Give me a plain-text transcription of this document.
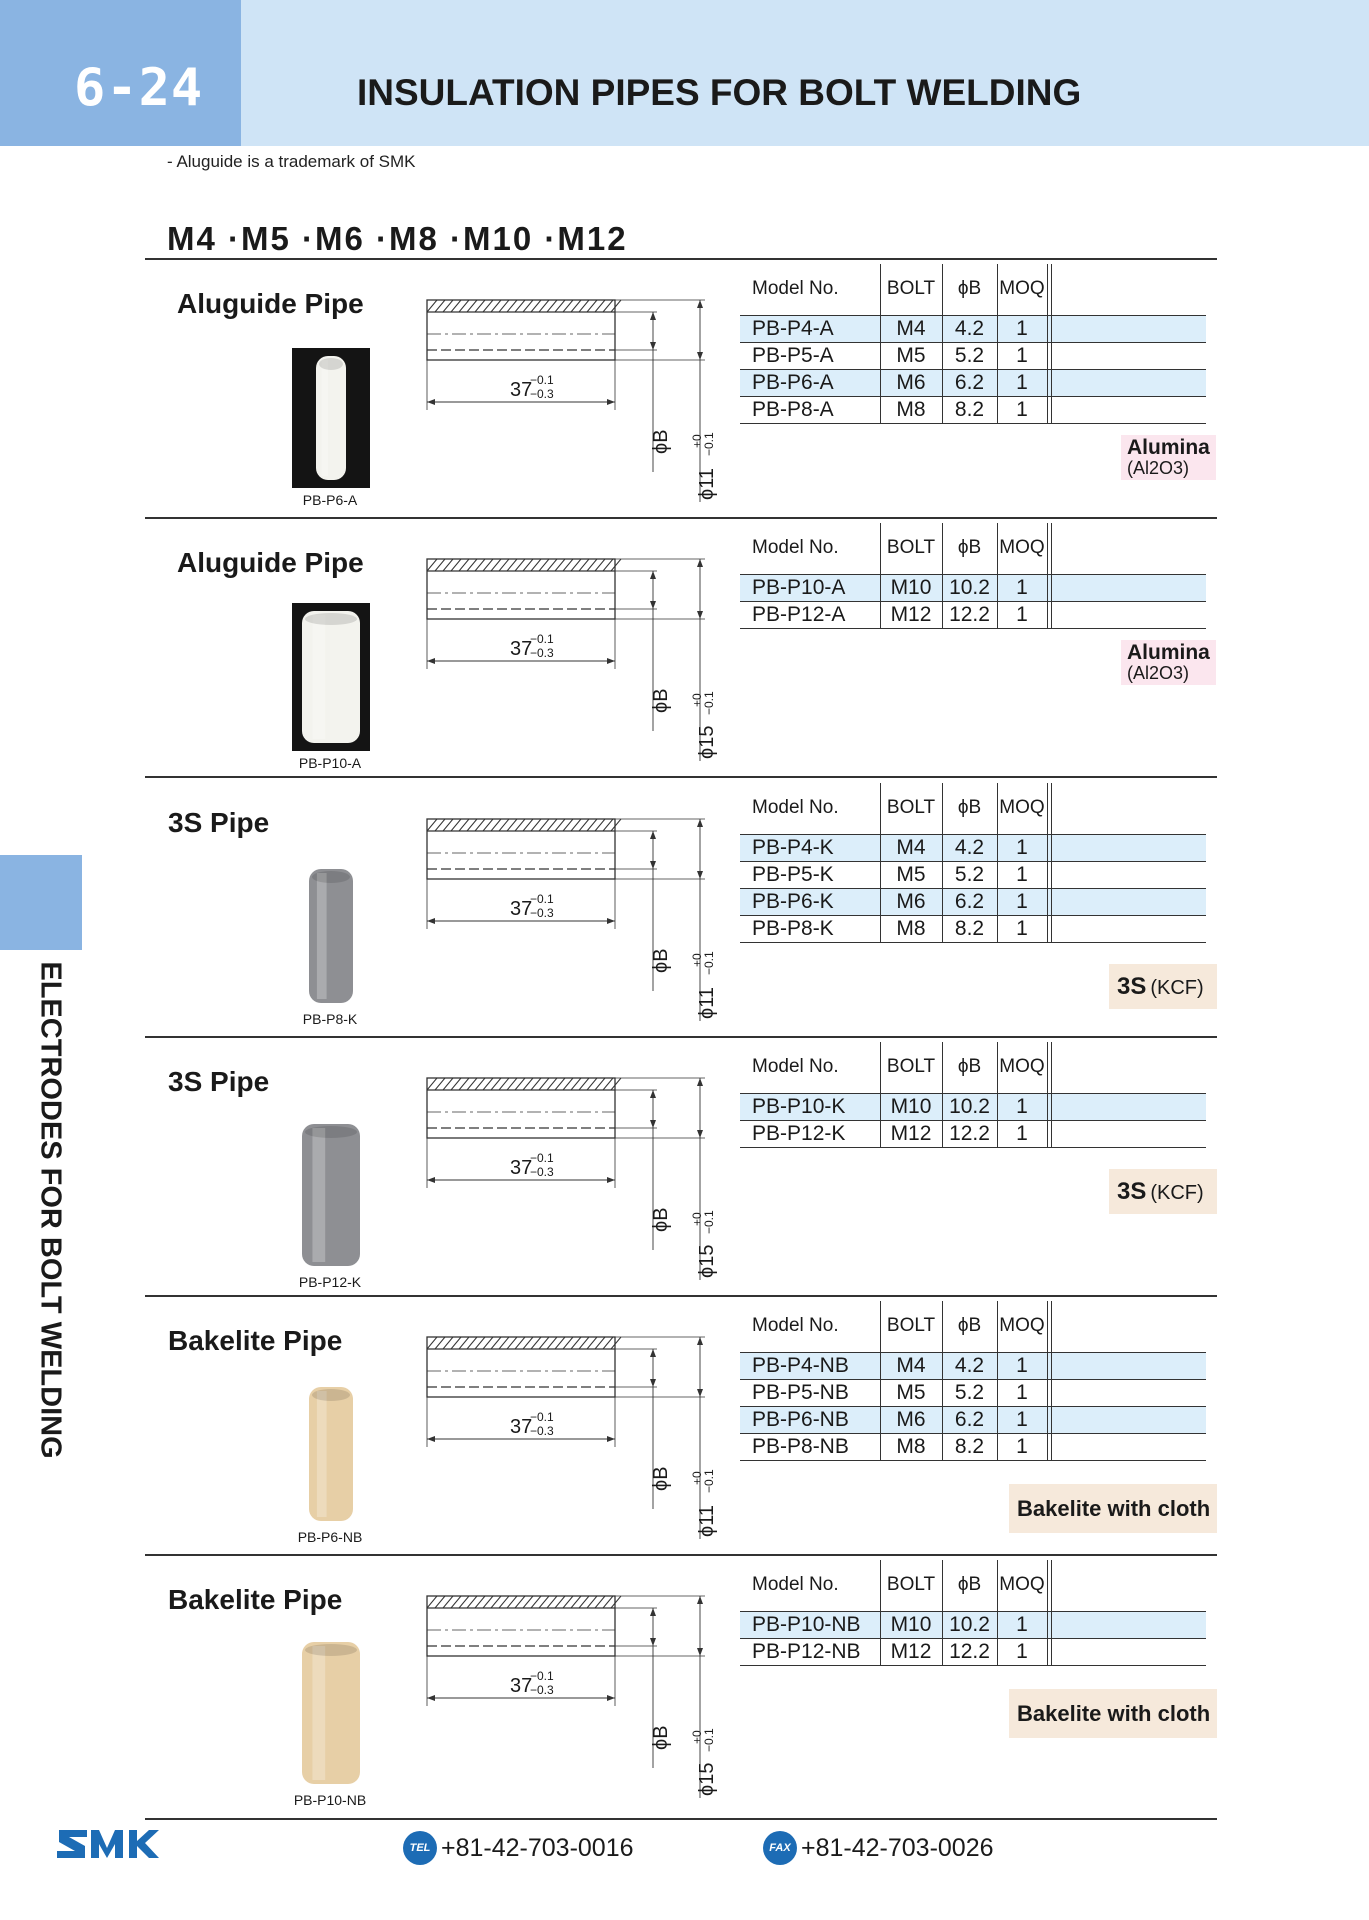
6-24	INSULATION PIPES FOR BOLT WELDING
- Aluguide is a trademark of SMK
ELECTRODES FOR BOLT WELDING
M4 ·M5 ·M6 ·M8 ·M10 ·M12
Aluguide Pipe
PB-P6-A
37
−0.1
−0.3
ϕB
ϕ11
+0
−0.1
Model No.	BOLT	ϕB	MOQ		
PB-P4-A	M4	4.2	1		
PB-P5-A	M5	5.2	1		
PB-P6-A	M6	6.2	1		
PB-P8-A	M8	8.2	1		
Alumina
(Al2O3)
Aluguide Pipe
PB-P10-A
37
−0.1
−0.3
ϕB
ϕ15
+0
−0.1
Model No.	BOLT	ϕB	MOQ		
PB-P10-A	M10	10.2	1		
PB-P12-A	M12	12.2	1		
Alumina
(Al2O3)
3S Pipe
PB-P8-K
37
−0.1
−0.3
ϕB
ϕ11
+0
−0.1
Model No.	BOLT	ϕB	MOQ		
PB-P4-K	M4	4.2	1		
PB-P5-K	M5	5.2	1		
PB-P6-K	M6	6.2	1		
PB-P8-K	M8	8.2	1		
3S (KCF)
3S Pipe
PB-P12-K
37
−0.1
−0.3
ϕB
ϕ15
+0
−0.1
Model No.	BOLT	ϕB	MOQ		
PB-P10-K	M10	10.2	1		
PB-P12-K	M12	12.2	1		
3S (KCF)
Bakelite Pipe
PB-P6-NB
37
−0.1
−0.3
ϕB
ϕ11
+0
−0.1
Model No.	BOLT	ϕB	MOQ		
PB-P4-NB	M4	4.2	1		
PB-P5-NB	M5	5.2	1		
PB-P6-NB	M6	6.2	1		
PB-P8-NB	M8	8.2	1		
Bakelite with cloth
Bakelite Pipe
PB-P10-NB
37
−0.1
−0.3
ϕB
ϕ15
+0
−0.1
Model No.	BOLT	ϕB	MOQ		
PB-P10-NB	M10	10.2	1		
PB-P12-NB	M12	12.2	1		
Bakelite with cloth
TEL +81-42-703-0016	FAX +81-42-703-0026
